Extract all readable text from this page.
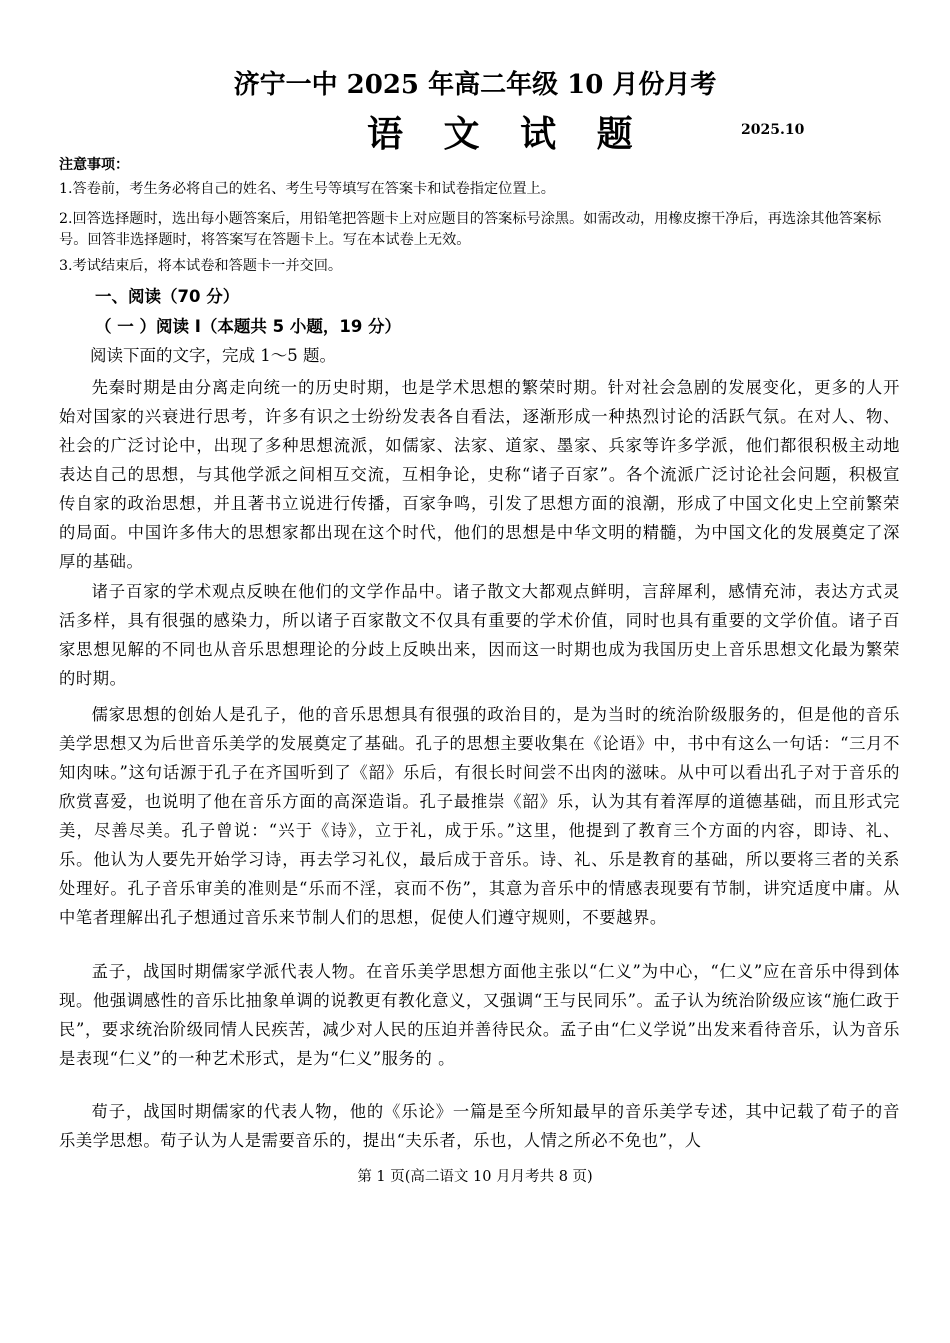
济宁一中 2025 年高二年级 10 月份月考
语 文 试 题	2025.10
注意事项：
1.答卷前，考生务必将自己的姓名、考生号等填写在答案卡和试卷指定位置上。
2.回答选择题时，选出每小题答案后，用铅笔把答题卡上对应题目的答案标号涂黑。如需改动，用橡皮擦干净后，再选涂其他答案标号。回答非选择题时，将答案写在答题卡上。写在本试卷上无效。
3.考试结束后，将本试卷和答题卡一并交回。
一、阅读（70 分）
（ 一 ）阅读 Ⅰ（本题共 5 小题，19 分）
阅读下面的文字，完成 1～5 题。
先秦时期是由分离走向统一的历史时期，也是学术思想的繁荣时期。针对社会急剧的发展变化，更多的人开始对国家的兴衰进行思考，许多有识之士纷纷发表各自看法，逐渐形成一种热烈讨论的活跃气氛。在对人、物、社会的广泛讨论中，出现了多种思想流派，如儒家、法家、道家、墨家、兵家等许多学派，他们都很积极主动地表达自己的思想，与其他学派之间相互交流，互相争论，史称“诸子百家”。各个流派广泛讨论社会问题，积极宣传自家的政治思想，并且著书立说进行传播，百家争鸣，引发了思想方面的浪潮，形成了中国文化史上空前繁荣的局面。中国许多伟大的思想家都出现在这个时代，他们的思想是中华文明的精髓，为中国文化的发展奠定了深厚的基础。
诸子百家的学术观点反映在他们的文学作品中。诸子散文大都观点鲜明，言辞犀利，感情充沛，表达方式灵活多样，具有很强的感染力，所以诸子百家散文不仅具有重要的学术价值，同时也具有重要的文学价值。诸子百家思想见解的不同也从音乐思想理论的分歧上反映出来，因而这一时期也成为我国历史上音乐思想文化最为繁荣的时期。
儒家思想的创始人是孔子，他的音乐思想具有很强的政治目的，是为当时的统治阶级服务的，但是他的音乐美学思想又为后世音乐美学的发展奠定了基础。孔子的思想主要收集在《论语》中，书中有这么一句话：“三月不知肉味。”这句话源于孔子在齐国听到了《韶》乐后，有很长时间尝不出肉的滋味。从中可以看出孔子对于音乐的欣赏喜爱，也说明了他在音乐方面的高深造诣。孔子最推崇《韶》乐，认为其有着浑厚的道德基础，而且形式完美，尽善尽美。孔子曾说：“兴于《诗》，立于礼，成于乐。”这里，他提到了教育三个方面的内容，即诗、礼、乐。他认为人要先开始学习诗，再去学习礼仪，最后成于音乐。诗、礼、乐是教育的基础，所以要将三者的关系处理好。孔子音乐审美的准则是“乐而不淫，哀而不伤”，其意为音乐中的情感表现要有节制，讲究适度中庸。从中笔者理解出孔子想通过音乐来节制人们的思想，促使人们遵守规则，不要越界。
孟子，战国时期儒家学派代表人物。在音乐美学思想方面他主张以“仁义”为中心，“仁义”应在音乐中得到体现。他强调感性的音乐比抽象单调的说教更有教化意义，又强调“王与民同乐”。孟子认为统治阶级应该“施仁政于民”，要求统治阶级同情人民疾苦，减少对人民的压迫并善待民众。孟子由“仁义学说”出发来看待音乐，认为音乐是表现“仁义”的一种艺术形式，是为“仁义”服务的 。
荀子，战国时期儒家的代表人物，他的《乐论》一篇是至今所知最早的音乐美学专述，其中记载了荀子的音乐美学思想。荀子认为人是需要音乐的，提出“夫乐者，乐也，人情之所必不免也”，人
第 1 页(高二语文 10 月月考共 8 页)
